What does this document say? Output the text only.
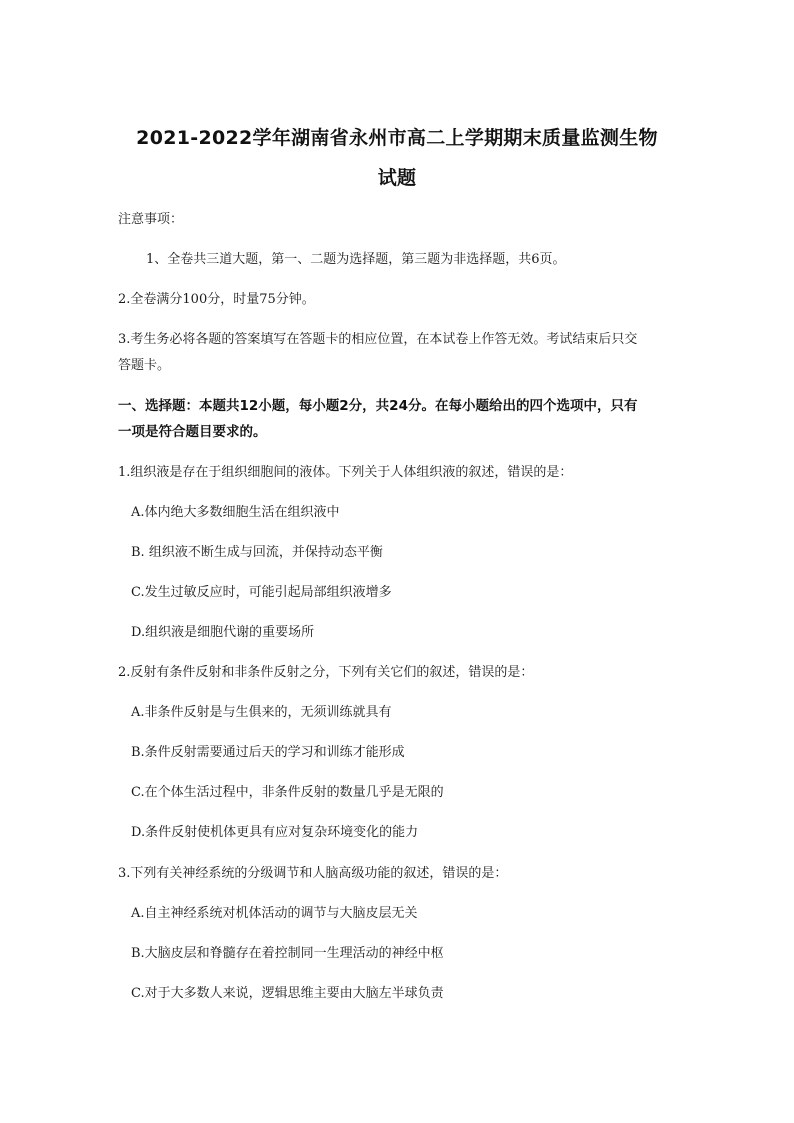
2021-2022学年湖南省永州市高二上学期期末质量监测生物
试题
注意事项：
1、全卷共三道大题，第一、二题为选择题，第三题为非选择题，共6页。
2.全卷满分100分，时量75分钟。
3.考生务必将各题的答案填写在答题卡的相应位置，在本试卷上作答无效。考试结束后只交
答题卡。
一、选择题：本题共12小题，每小题2分，共24分。在每小题给出的四个选项中，只有
一项是符合题目要求的。
1.组织液是存在于组织细胞间的液体。下列关于人体组织液的叙述，错误的是：
A.体内绝大多数细胞生活在组织液中
B. 组织液不断生成与回流，并保持动态平衡
C.发生过敏反应时，可能引起局部组织液增多
D.组织液是细胞代谢的重要场所
2.反射有条件反射和非条件反射之分，下列有关它们的叙述，错误的是：
A.非条件反射是与生俱来的，无须训练就具有
B.条件反射需要通过后天的学习和训练才能形成
C.在个体生活过程中，非条件反射的数量几乎是无限的
D.条件反射使机体更具有应对复杂环境变化的能力
3.下列有关神经系统的分级调节和人脑高级功能的叙述，错误的是：
A.自主神经系统对机体活动的调节与大脑皮层无关
B.大脑皮层和脊髓存在着控制同一生理活动的神经中枢
C.对于大多数人来说，逻辑思维主要由大脑左半球负责
